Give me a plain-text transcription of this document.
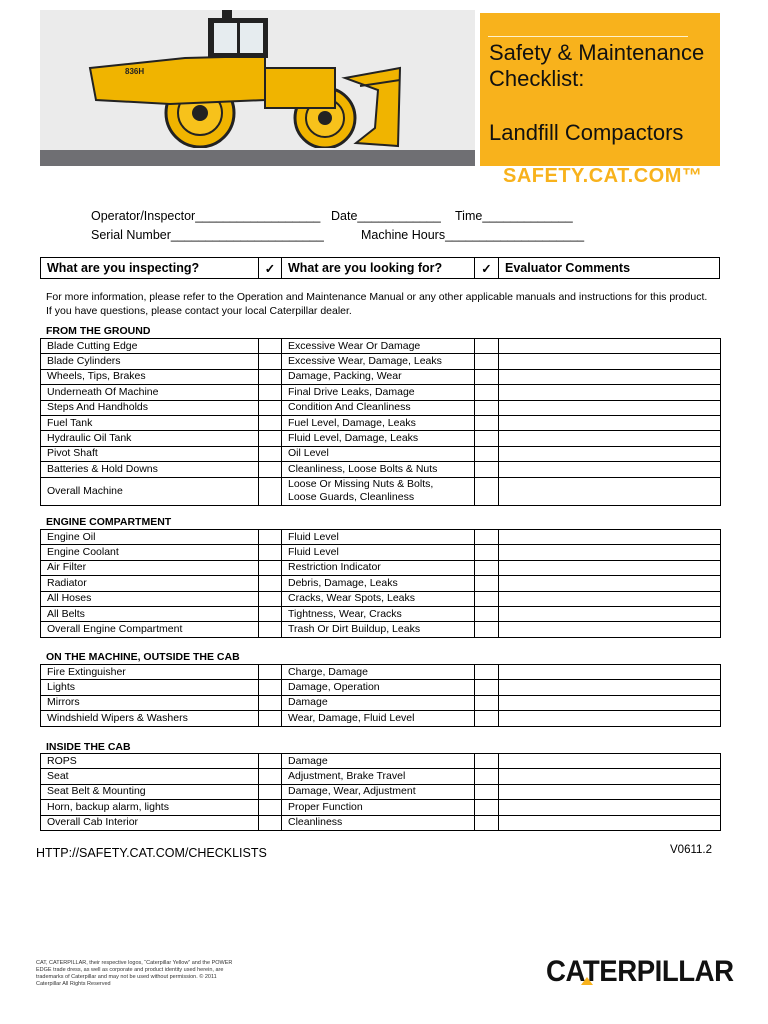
836H
Safety & Maintenance
Checklist:
Landfill Compactors
SAFETY.CAT.COM™
Operator/Inspector__________________ Date____________ Time_____________
Serial Number______________________	Machine Hours____________________
What are you inspecting?	✓	What are you looking for?	✓	Evaluator Comments
For more information, please refer to the Operation and Maintenance Manual or any other applicable manuals and instructions for this product. If you have questions, please contact your local Caterpillar dealer.
FROM THE GROUND
Blade Cutting Edge		Excessive Wear Or Damage		
Blade Cylinders		Excessive Wear, Damage, Leaks		
Wheels, Tips, Brakes		Damage, Packing, Wear		
Underneath Of Machine		Final Drive Leaks, Damage		
Steps And Handholds		Condition And Cleanliness		
Fuel Tank		Fuel Level, Damage, Leaks		
Hydraulic Oil Tank		Fluid Level, Damage, Leaks		
Pivot Shaft		Oil Level		
Batteries & Hold Downs		Cleanliness, Loose Bolts & Nuts		
Overall Machine		Loose Or Missing Nuts & Bolts,
Loose Guards, Cleanliness		

ENGINE COMPARTMENT
Engine Oil		Fluid Level		
Engine Coolant		Fluid Level		
Air Filter		Restriction Indicator		
Radiator		Debris, Damage, Leaks		
All Hoses		Cracks, Wear Spots, Leaks		
All Belts		Tightness, Wear, Cracks		
Overall Engine Compartment		Trash Or Dirt Buildup, Leaks		
ON THE MACHINE, OUTSIDE THE CAB
Fire Extinguisher		Charge, Damage		
Lights		Damage, Operation		
Mirrors		Damage		
Windshield Wipers & Washers		Wear, Damage, Fluid Level		
INSIDE THE CAB
ROPS		Damage		
Seat		Adjustment, Brake Travel		
Seat Belt & Mounting		Damage, Wear, Adjustment		
Horn, backup alarm, lights		Proper Function		
Overall Cab Interior		Cleanliness		
HTTP://SAFETY.CAT.COM/CHECKLISTS	V0611.2
CAT, CATERPILLAR, their respective logos, “Caterpillar Yellow” and the POWER EDGE trade dress, as well as corporate and product identity used herein, are trademarks of Caterpillar and may not be used without permission. © 2011 Caterpillar All Rights Reserved	CATERPILLAR
